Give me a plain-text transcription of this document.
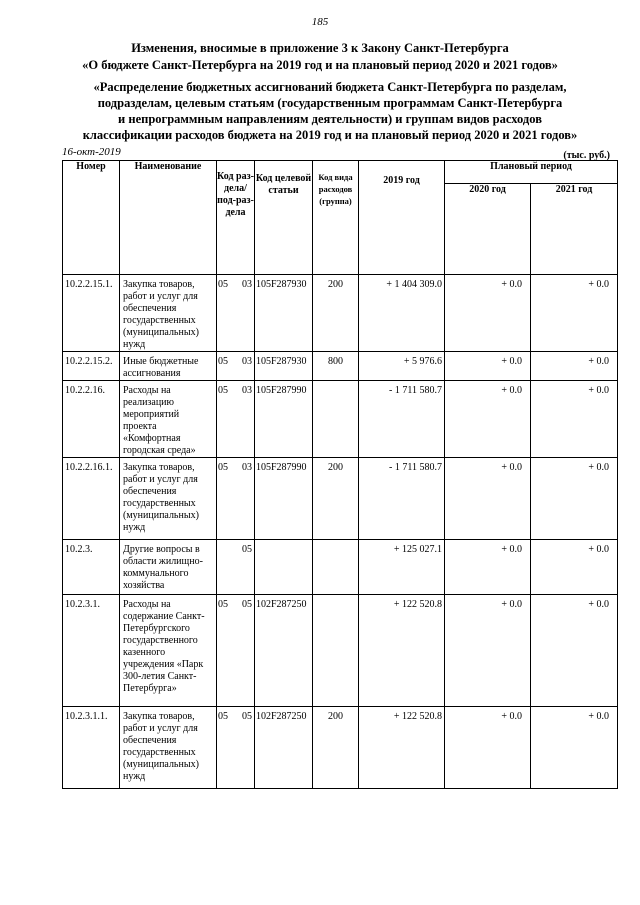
185
Изменения, вносимые в приложение 3 к Закону Санкт-Петербурга
«О бюджете Санкт-Петербурга на 2019 год и на плановый период 2020 и 2021 годов»
«Распределение бюджетных ассигнований бюджета Санкт-Петербурга по разделам,
подразделам, целевым статьям (государственным программам Санкт-Петербурга
и непрограммным направлениям деятельности) и группам видов расходов
классификации расходов бюджета на 2019 год и на плановый период 2020 и 2021 годов»
16-окт-2019	(тыс. руб.)
Номер	Наименование	Код раз-дела/ под-раз-дела	Код целевой статьи	Код вида расходов (группа)	2019 год	Плановый период	
						2020 год	2021 год
10.2.2.15.1.	Закупка товаров, работ и услуг для обеспечения государственных (муниципальных) нужд	05 03	105F287930	200	+ 1 404 309.0	+ 0.0	+ 0.0
10.2.2.15.2.	Иные бюджетные ассигнования	05 03	105F287930	800	+ 5 976.6	+ 0.0	+ 0.0
10.2.2.16.	Расходы на реализацию мероприятий проекта «Комфортная городская среда»	05 03	105F287990		- 1 711 580.7	+ 0.0	+ 0.0
10.2.2.16.1.	Закупка товаров, работ и услуг для обеспечения государственных (муниципальных) нужд	05 03	105F287990	200	- 1 711 580.7	+ 0.0	+ 0.0
10.2.3.	Другие вопросы в области жилищно-коммунального хозяйства	05			+ 125 027.1	+ 0.0	+ 0.0
10.2.3.1.	Расходы на содержание Санкт-Петербургского государственного казенного учреждения «Парк 300-летия Санкт-Петербурга»	05 05	102F287250		+ 122 520.8	+ 0.0	+ 0.0
10.2.3.1.1.	Закупка товаров, работ и услуг для обеспечения государственных (муниципальных) нужд	05 05	102F287250	200	+ 122 520.8	+ 0.0	+ 0.0
